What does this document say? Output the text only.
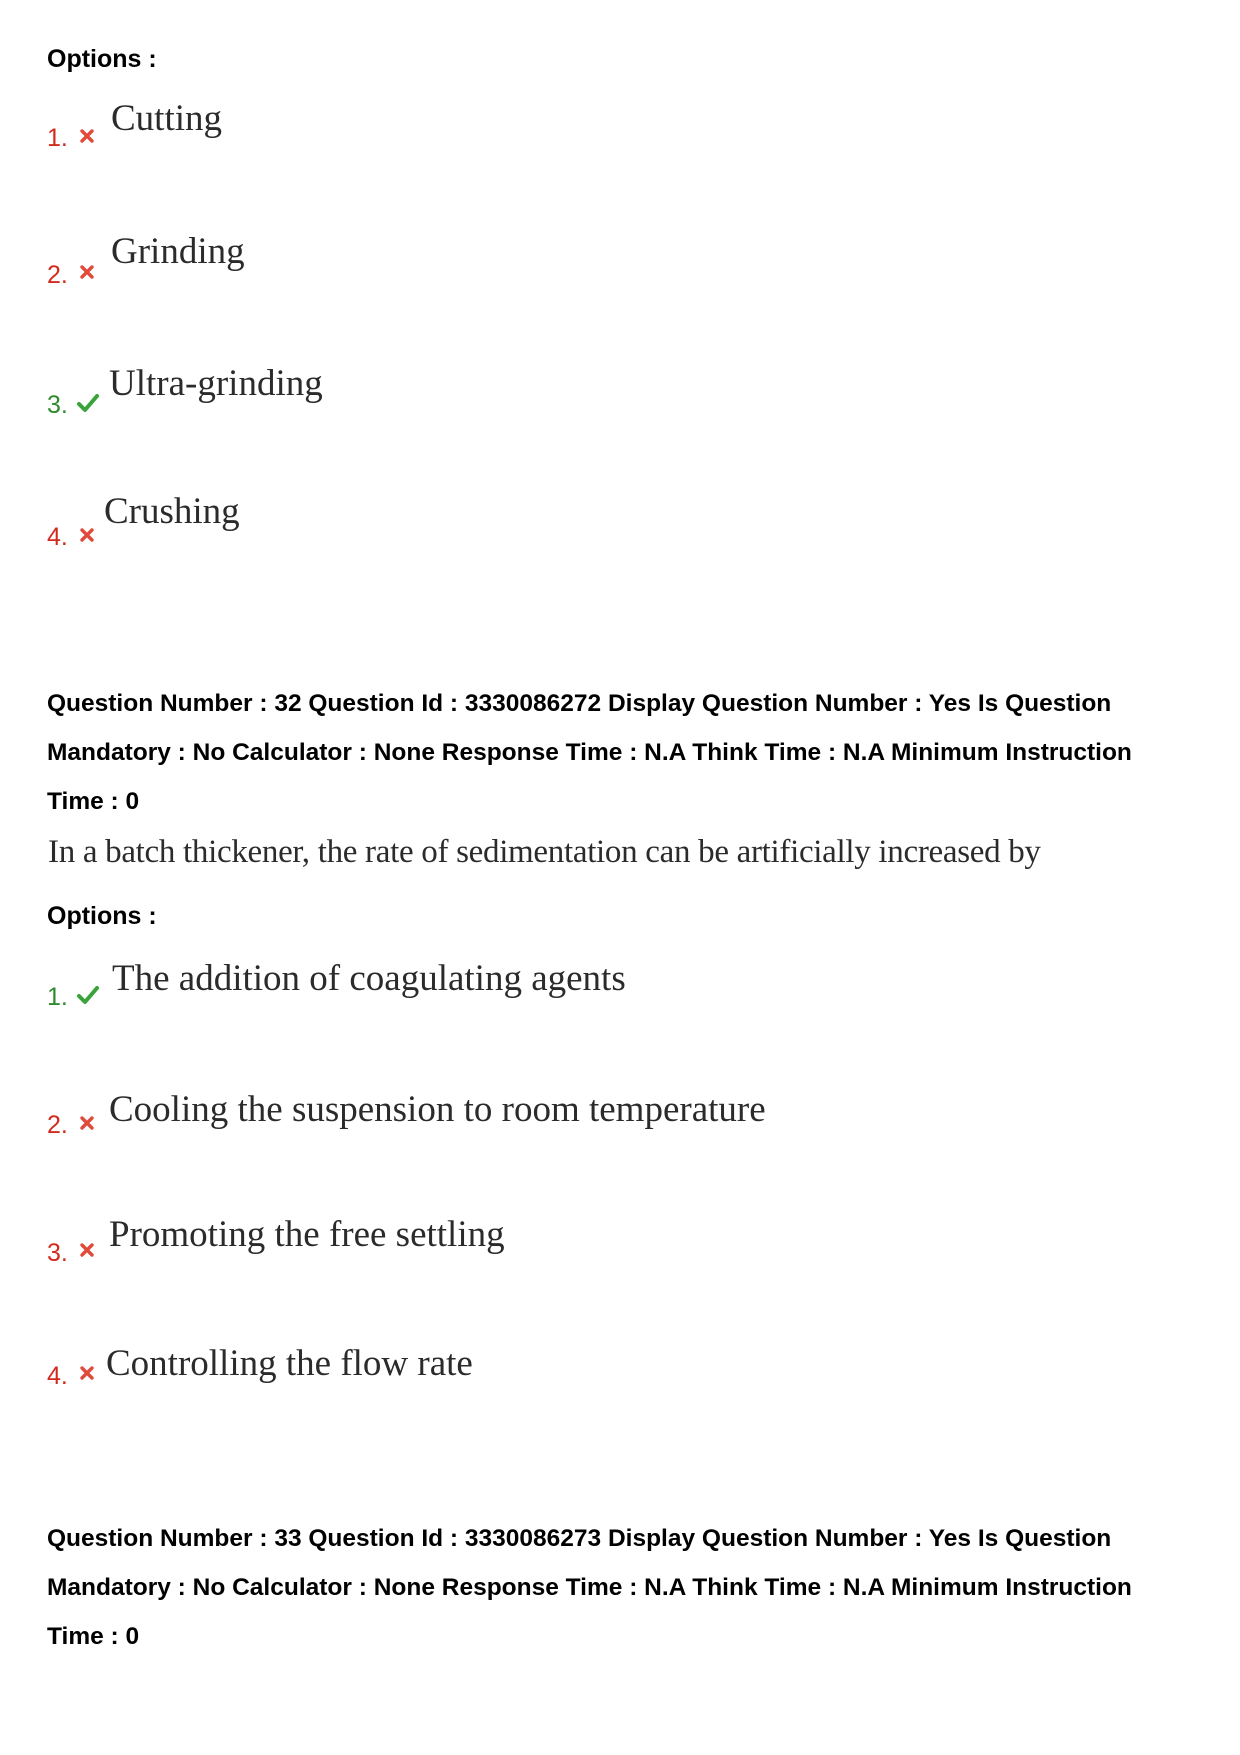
Options :
1. Cutting
2.
Grinding
3.
Ultra-grinding
4.
Crushing
Question Number : 32 Question Id : 3330086272 Display Question Number : Yes Is Question
Mandatory : No Calculator : None Response Time : N.A Think Time : N.A Minimum Instruction
Time : 0
In a batch thickener, the rate of sedimentation can be artificially increased by
Options :
1. The addition of coagulating agents
2. Cooling the suspension to room temperature
3. Promoting the free settling
4. Controlling the flow rate
Question Number : 33 Question Id : 3330086273 Display Question Number : Yes Is Question
Mandatory : No Calculator : None Response Time : N.A Think Time : N.A Minimum Instruction
Time : 0
